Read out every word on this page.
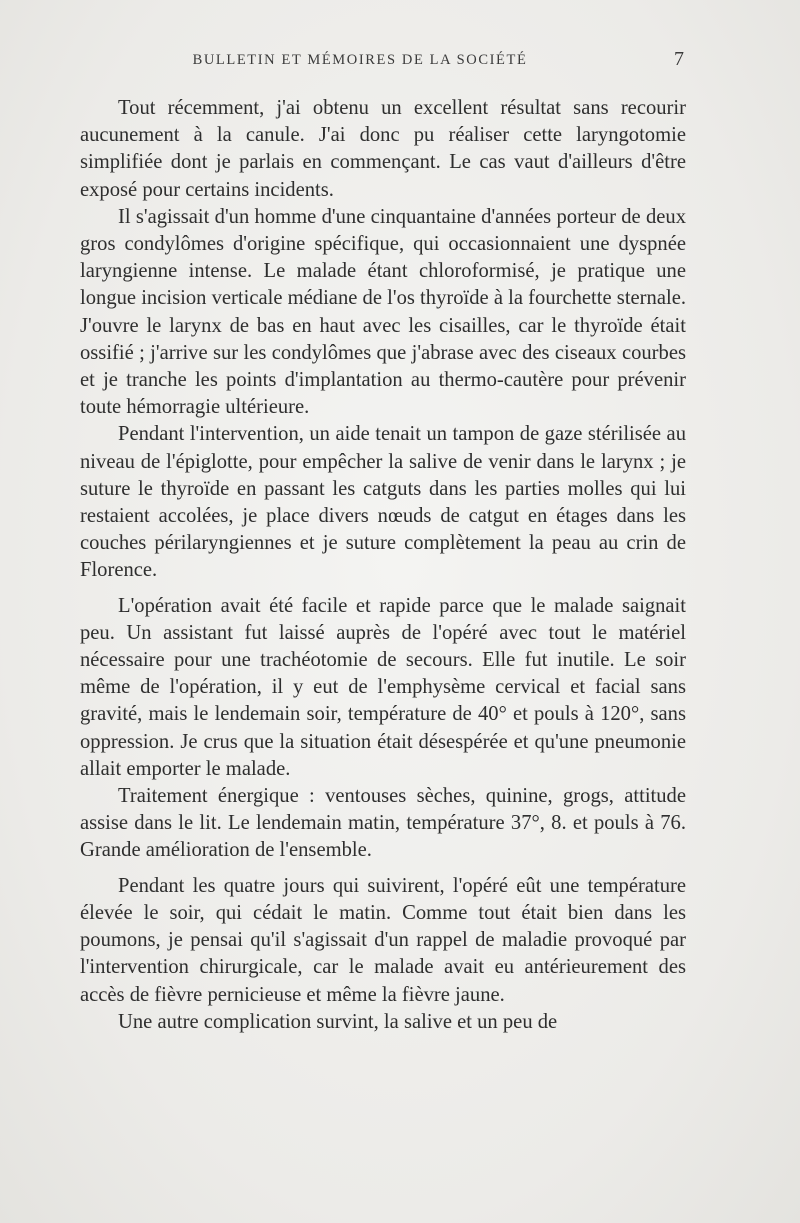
BULLETIN ET MÉMOIRES DE LA SOCIÉTÉ	7

Tout récemment, j'ai obtenu un excellent résultat sans recourir aucunement à la canule. J'ai donc pu réaliser cette laryngotomie simplifiée dont je parlais en commençant. Le cas vaut d'ailleurs d'être exposé pour certains incidents.

Il s'agissait d'un homme d'une cinquantaine d'années porteur de deux gros condylômes d'origine spécifique, qui occasionnaient une dyspnée laryngienne intense. Le malade étant chloroformisé, je pratique une longue incision verticale médiane de l'os thyroïde à la fourchette sternale. J'ouvre le larynx de bas en haut avec les cisailles, car le thyroïde était ossifié ; j'arrive sur les condylômes que j'abrase avec des ciseaux courbes et je tranche les points d'implantation au thermo-cautère pour prévenir toute hémorragie ultérieure.

Pendant l'intervention, un aide tenait un tampon de gaze stérilisée au niveau de l'épiglotte, pour empêcher la salive de venir dans le larynx ; je suture le thyroïde en passant les catguts dans les parties molles qui lui restaient accolées, je place divers nœuds de catgut en étages dans les couches périlaryngiennes et je suture complètement la peau au crin de Florence.

L'opération avait été facile et rapide parce que le malade saignait peu. Un assistant fut laissé auprès de l'opéré avec tout le matériel nécessaire pour une trachéotomie de secours. Elle fut inutile. Le soir même de l'opération, il y eut de l'emphysème cervical et facial sans gravité, mais le lendemain soir, température de 40° et pouls à 120°, sans oppression. Je crus que la situation était désespérée et qu'une pneumonie allait emporter le malade.

Traitement énergique : ventouses sèches, quinine, grogs, attitude assise dans le lit. Le lendemain matin, température 37°, 8. et pouls à 76. Grande amélioration de l'ensemble.

Pendant les quatre jours qui suivirent, l'opéré eût une température élevée le soir, qui cédait le matin. Comme tout était bien dans les poumons, je pensai qu'il s'agissait d'un rappel de maladie provoqué par l'intervention chirurgicale, car le malade avait eu antérieurement des accès de fièvre pernicieuse et même la fièvre jaune.

Une autre complication survint, la salive et un peu de
